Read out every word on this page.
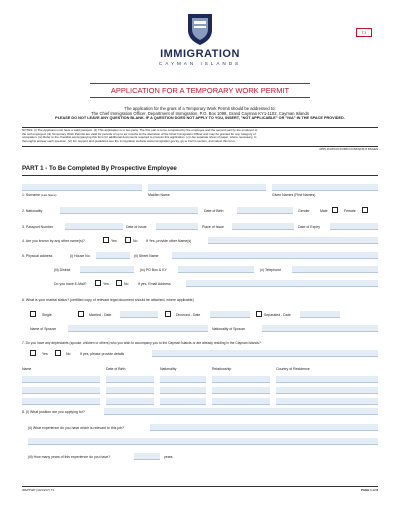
IMMIGRATION
CAYMAN ISLANDS
T1
APPLICATION FOR A TEMPORARY WORK PERMIT
The application for the grant of a Temporary Work Permit should be addressed to:
The Chief Immigration Officer, Department of Immigration, P.O. Box 1098, Grand Cayman KY1-1102, Cayman Islands
PLEASE DO NOT LEAVE ANY QUESTION BLANK. IF A QUESTION DOES NOT APPLY TO YOU, INSERT, "NOT APPLICABLE" OR "N/A" IN THE SPACE PROVIDED.
NOTES: (i) The Applicant must have a valid passport. (ii) This application is in two parts. The first part is to be completed by the employee and the second part by the employer or
the self employed. (iii) Temporary Work Permits are valid for periods of up to six months at the discretion of the Chief Immigration Officer and may be granted for any category of
occupation. (iv) Refer to the checklist accompanying this form for additional documents required to process this application. (v) Use separate sheet of paper, where necessary, to
thoroughly answer each question. (vi) For support and guidelines see the immigration website www.immigration.gov.ky, go to Forms section, and select this form.
APPLICATION FORM CONTAINS 8 PAGES
PART 1 - To Be Completed By Prospective Employee
1. Surname (Last Name)	Maiden Name	Given Names (First Names)
2. Nationality	Date of Birth	Gender	Male	Female
3. Passport Number	Date of Issue	Place of Issue	Date of Expiry
4. Are you known by any other name(s)?	Yes	No If Yes, provide other Name(s)
5. Physical address	(i) House No	(ii) Street Name
(iii) District	(iv) PO Box & KY	(v) Telephone
Do you have E-Mail?	Yes	No	If yes, Email Address
6. What is your marital status? (certified copy of relevant legal document should be attached, where applicable)
Single	Married - Date	Divorced - Date	Separated - Date
Name of Spouse	Nationality of Spouse
7. Do you have any dependants (spouse, children or others) who you wish to accompany you to the Cayman Islands or are already residing in the Cayman Islands?
Yes	No	If yes, please provide details
Name	Date of Birth	Nationality	Relationship	Country of Residence
8. (i) What position are you applying for?
(ii) What experience do you have which is relevant to this job?
(iii) How many years of this experience do you have?	years
IMM/TWP (10/14/17) T1	PAGE 1 of 8
